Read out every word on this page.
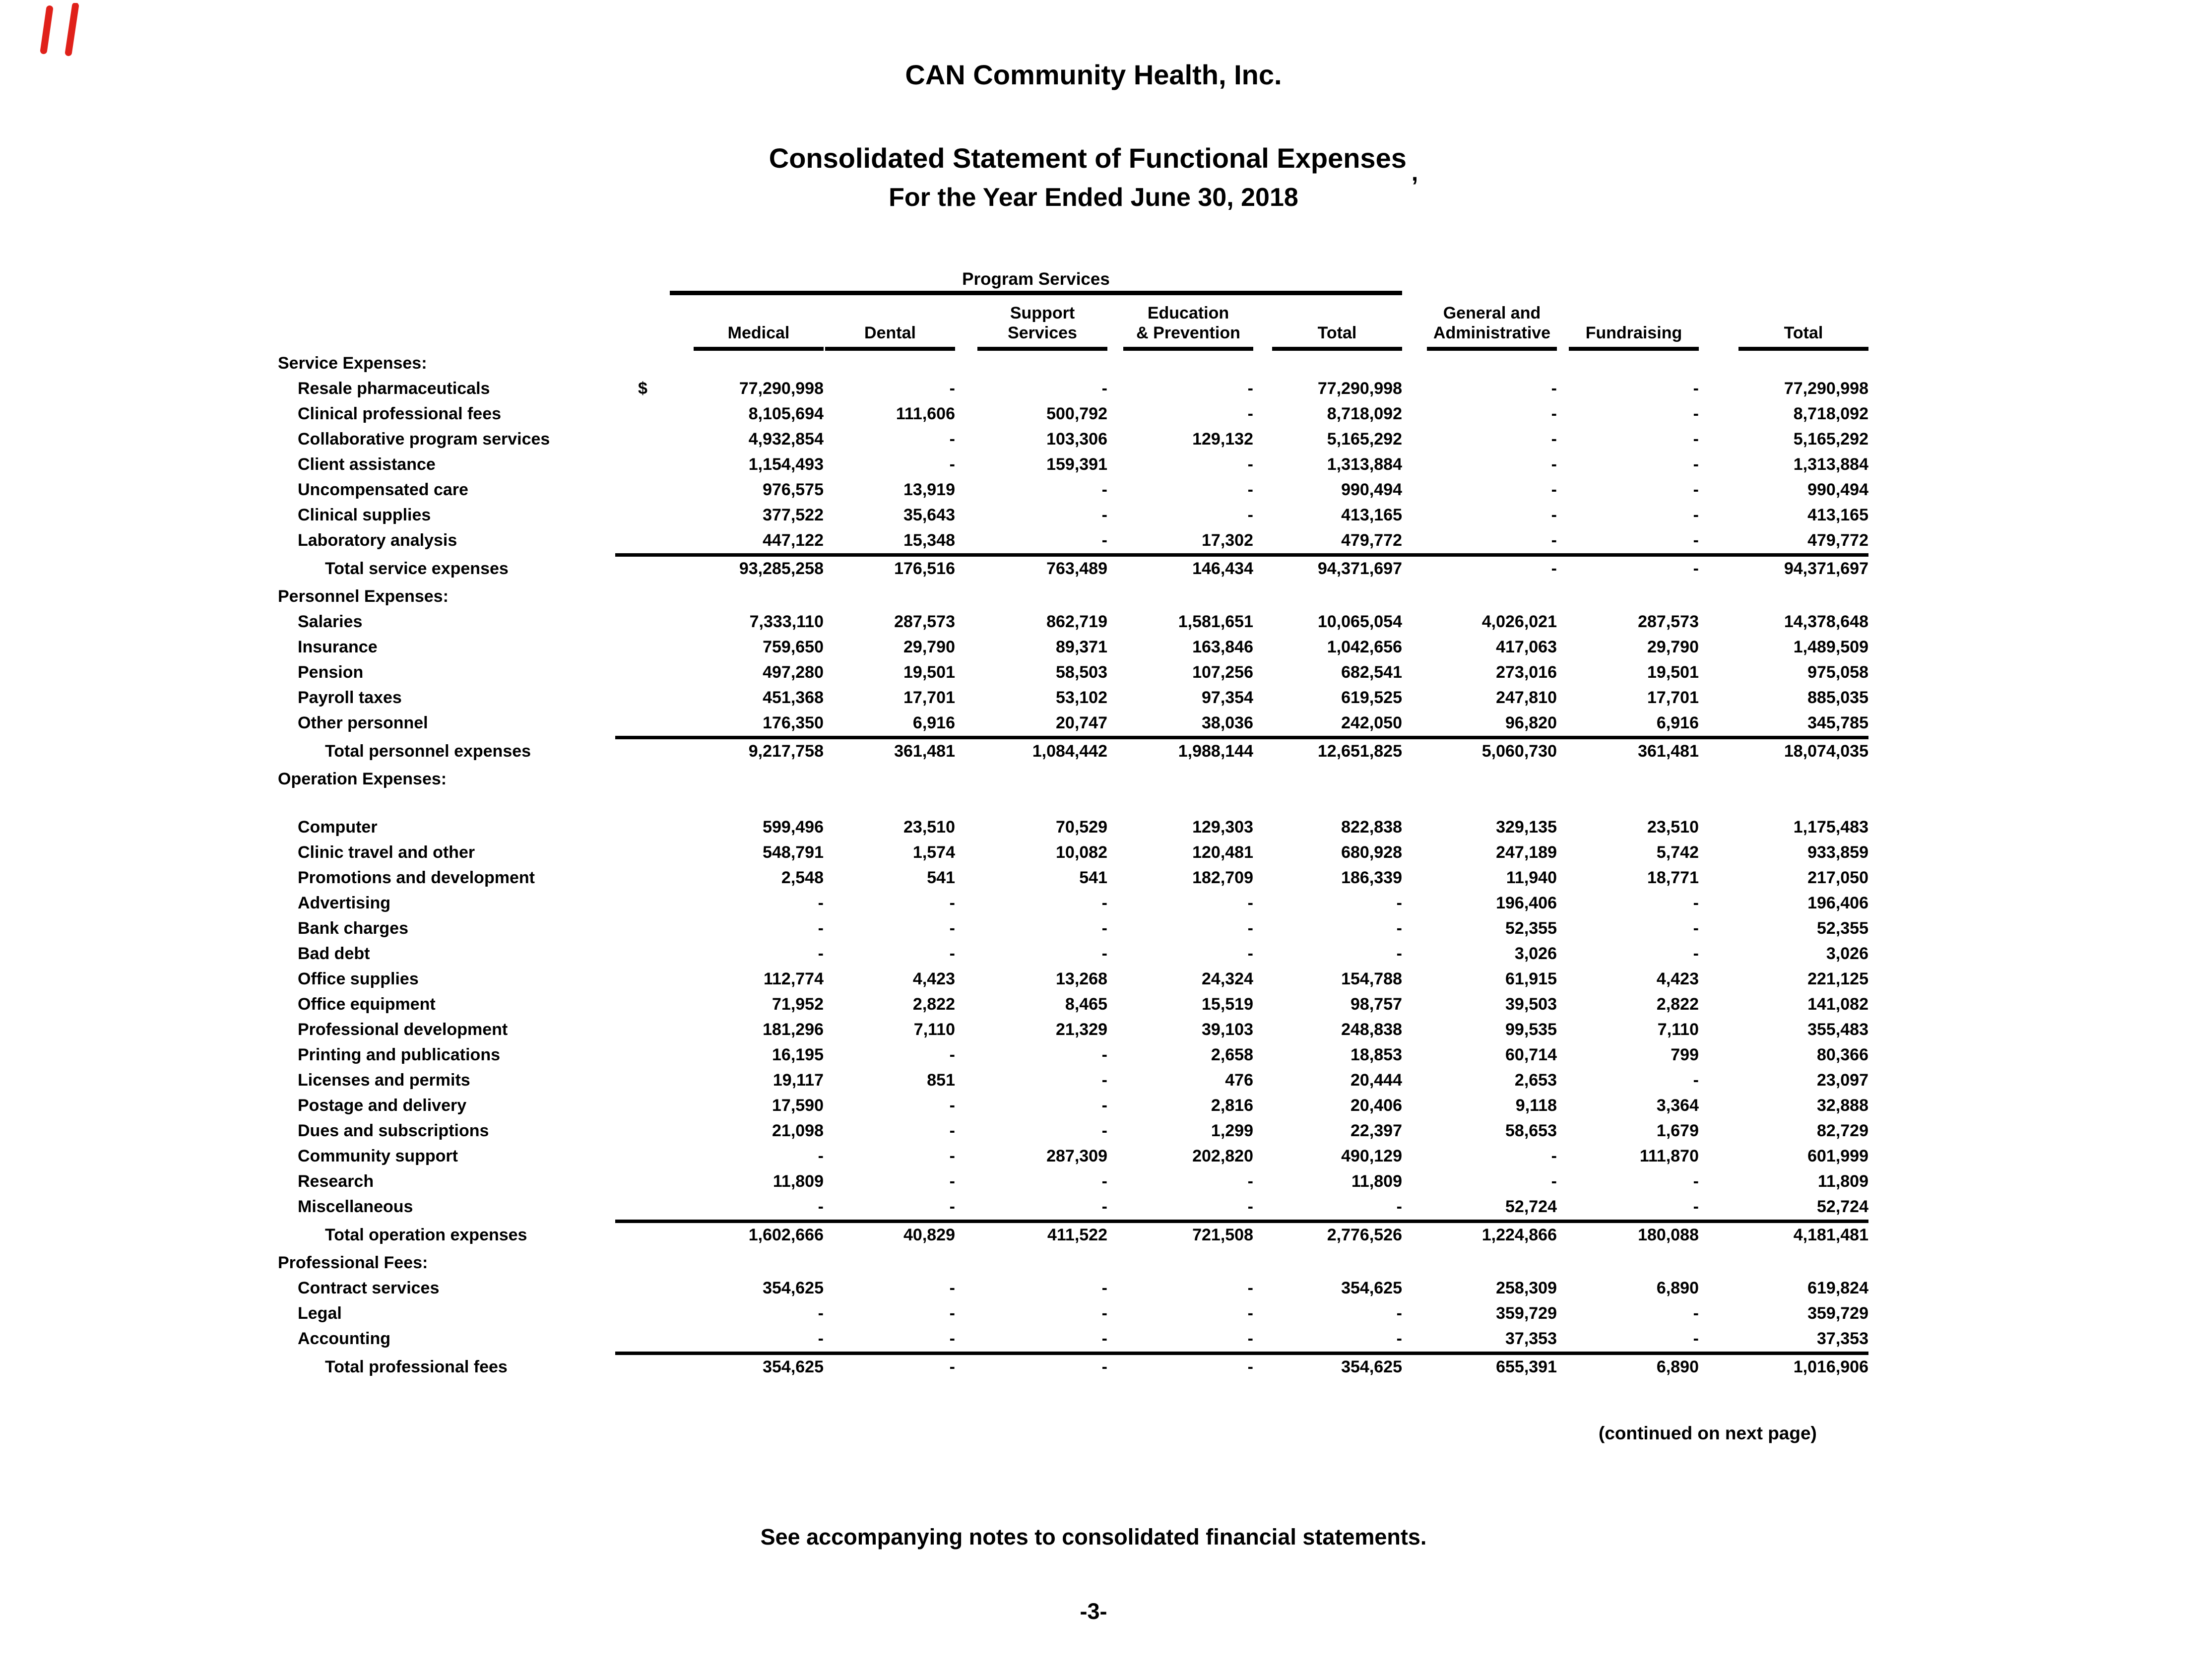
CAN Community Health, Inc.
Consolidated Statement of Functional Expenses ,
For the Year Ended June 30, 2018
Program Services
Medical	Dental
Support
Services
Education
& Prevention	Total
General and
Administrative	Fundraising	Total
Service Expenses:
Resale pharmaceuticals	$	77,290,998	-	-	-	77,290,998	-	-	77,290,998
Clinical professional fees	8,105,694	111,606	500,792	-	8,718,092	-	-	8,718,092
Collaborative program services	4,932,854	-	103,306	129,132	5,165,292	-	-	5,165,292
Client assistance	1,154,493	-	159,391	-	1,313,884	-	-	1,313,884
Uncompensated care	976,575	13,919	-	-	990,494	-	-	990,494
Clinical supplies	377,522	35,643	-	-	413,165	-	-	413,165
Laboratory analysis	447,122	15,348	-	17,302	479,772	-	-	479,772
Total service expenses	93,285,258	176,516	763,489	146,434	94,371,697	-	-	94,371,697
Personnel Expenses:
Salaries	7,333,110	287,573	862,719	1,581,651	10,065,054	4,026,021	287,573	14,378,648
Insurance	759,650	29,790	89,371	163,846	1,042,656	417,063	29,790	1,489,509
Pension	497,280	19,501	58,503	107,256	682,541	273,016	19,501	975,058
Payroll taxes	451,368	17,701	53,102	97,354	619,525	247,810	17,701	885,035
Other personnel	176,350	6,916	20,747	38,036	242,050	96,820	6,916	345,785
Total personnel expenses	9,217,758	361,481	1,084,442	1,988,144	12,651,825	5,060,730	361,481	18,074,035
Operation Expenses:
Computer	599,496	23,510	70,529	129,303	822,838	329,135	23,510	1,175,483
Clinic travel and other	548,791	1,574	10,082	120,481	680,928	247,189	5,742	933,859
Promotions and development	2,548	541	541	182,709	186,339	11,940	18,771	217,050
Advertising	-	-	-	-	-	196,406	-	196,406
Bank charges	-	-	-	-	-	52,355	-	52,355
Bad debt	-	-	-	-	-	3,026	-	3,026
Office supplies	112,774	4,423	13,268	24,324	154,788	61,915	4,423	221,125
Office equipment	71,952	2,822	8,465	15,519	98,757	39,503	2,822	141,082
Professional development	181,296	7,110	21,329	39,103	248,838	99,535	7,110	355,483
Printing and publications	16,195	-	-	2,658	18,853	60,714	799	80,366
Licenses and permits	19,117	851	-	476	20,444	2,653	-	23,097
Postage and delivery	17,590	-	-	2,816	20,406	9,118	3,364	32,888
Dues and subscriptions	21,098	-	-	1,299	22,397	58,653	1,679	82,729
Community support	-	-	287,309	202,820	490,129	-	111,870	601,999
Research	11,809	-	-	-	11,809	-	-	11,809
Miscellaneous	-	-	-	-	-	52,724	-	52,724
Total operation expenses	1,602,666	40,829	411,522	721,508	2,776,526	1,224,866	180,088	4,181,481
Professional Fees:
Contract services	354,625	-	-	-	354,625	258,309	6,890	619,824
Legal	-	-	-	-	-	359,729	-	359,729
Accounting	-	-	-	-	-	37,353	-	37,353
Total professional fees	354,625	-	-	-	354,625	655,391	6,890	1,016,906
(continued on next page)
See accompanying notes to consolidated financial statements.
-3-
